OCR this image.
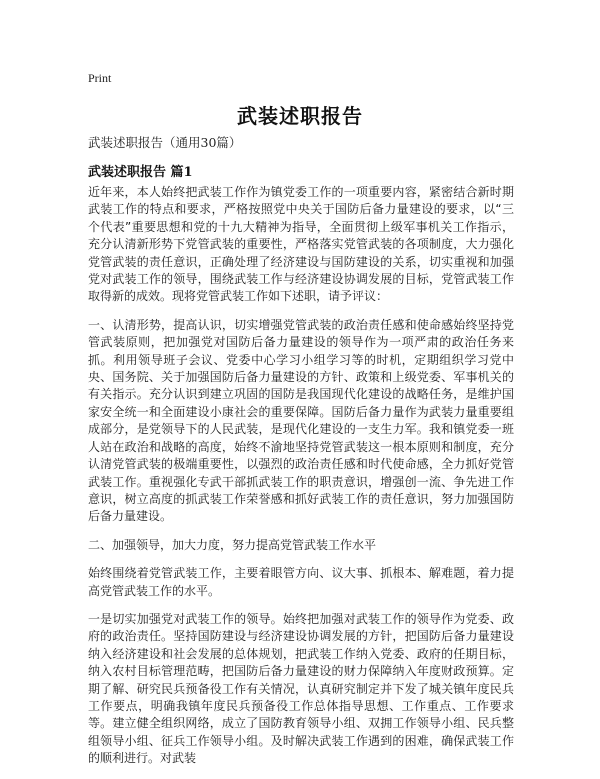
Print
武装述职报告
武装述职报告（通用30篇）
武装述职报告 篇1

近年来，本人始终把武装工作作为镇党委工作的一项重要内容，紧密结合新时期武装工作的特点和要求，严格按照党中央关于国防后备力量建设的要求，以“三个代表”重要思想和党的十九大精神为指导，全面贯彻上级军事机关工作指示，充分认清新形势下党管武装的重要性，严格落实党管武装的各项制度，大力强化党管武装的责任意识，正确处理了经济建设与国防建设的关系，切实重视和加强党对武装工作的领导，围绕武装工作与经济建设协调发展的目标，党管武装工作取得新的成效。现将党管武装工作如下述职，请予评议：

一、认清形势，提高认识，切实增强党管武装的政治责任感和使命感始终坚持党管武装原则，把加强党对国防后备力量建设的领导作为一项严肃的政治任务来抓。利用领导班子会议、党委中心学习小组学习等的时机，定期组织学习党中央、国务院、关于加强国防后备力量建设的方针、政策和上级党委、军事机关的有关指示。充分认识到建立巩固的国防是我国现代化建设的战略任务，是维护国家安全统一和全面建设小康社会的重要保障。国防后备力量作为武装力量重要组成部分，是党领导下的人民武装，是现代化建设的一支生力军。我和镇党委一班人站在政治和战略的高度，始终不渝地坚持党管武装这一根本原则和制度，充分认清党管武装的极端重要性，以强烈的政治责任感和时代使命感，全力抓好党管武装工作。重视强化专武干部抓武装工作的职责意识，增强创一流、争先进工作意识，树立高度的抓武装工作荣誉感和抓好武装工作的责任意识，努力加强国防后备力量建设。

二、加强领导，加大力度，努力提高党管武装工作水平

始终围绕着党管武装工作，主要着眼管方向、议大事、抓根本、解难题，着力提高党管武装工作的水平。

一是切实加强党对武装工作的领导。始终把加强对武装工作的领导作为党委、政府的政治责任。坚持国防建设与经济建设协调发展的方针，把国防后备力量建设纳入经济建设和社会发展的总体规划，把武装工作纳入党委、政府的任期目标，纳入农村目标管理范畴，把国防后备力量建设的财力保障纳入年度财政预算。定期了解、研究民兵预备役工作有关情况，认真研究制定并下发了城关镇年度民兵工作要点，明确我镇年度民兵预备役工作总体指导思想、工作重点、工作要求等。建立健全组织网络，成立了国防教育领导小组、双拥工作领导小组、民兵整组领导小组、征兵工作领导小组。及时解决武装工作遇到的困难，确保武装工作的顺利进行。对武装
